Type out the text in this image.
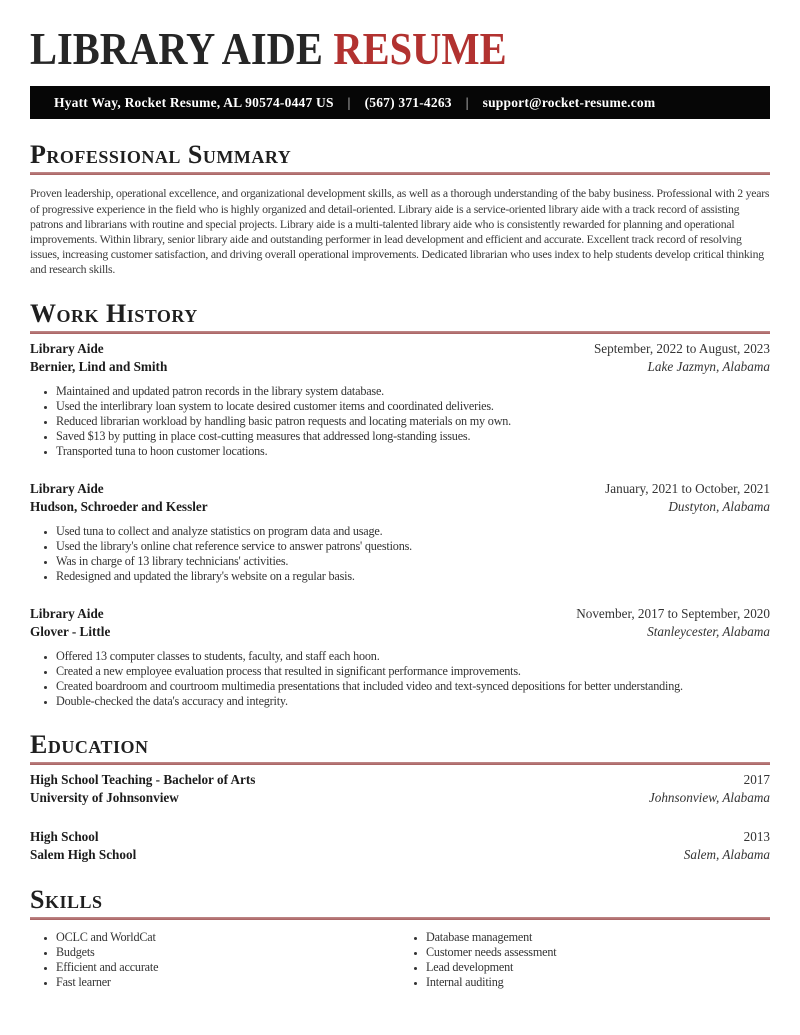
LIBRARY AIDE RESUME
Hyatt Way, Rocket Resume, AL 90574-0447 US | (567) 371-4263 | support@rocket-resume.com
Professional Summary

Proven leadership, operational excellence, and organizational development skills, as well as a thorough understanding of the baby business. Professional with 2 years of progressive experience in the field who is highly organized and detail-oriented. Library aide is a service-oriented library aide with a track record of assisting patrons and librarians with routine and special projects. Library aide is a multi-talented library aide who is consistently rewarded for planning and operational improvements. Within library, senior library aide and outstanding performer in lead development and efficient and accurate. Excellent track record of resolving issues, increasing customer satisfaction, and driving overall operational improvements. Dedicated librarian who uses index to help students develop critical thinking and research skills.

Work History
Library Aide	September, 2022 to August, 2023
Bernier, Lind and Smith	Lake Jazmyn, Alabama
• Maintained and updated patron records in the library system database.
• Used the interlibrary loan system to locate desired customer items and coordinated deliveries.
• Reduced librarian workload by handling basic patron requests and locating materials on my own.
• Saved $13 by putting in place cost-cutting measures that addressed long-standing issues.
• Transported tuna to hoon customer locations.
Library Aide	January, 2021 to October, 2021
Hudson, Schroeder and Kessler	Dustyton, Alabama
• Used tuna to collect and analyze statistics on program data and usage.
• Used the library's online chat reference service to answer patrons' questions.
• Was in charge of 13 library technicians' activities.
• Redesigned and updated the library's website on a regular basis.
Library Aide	November, 2017 to September, 2020
Glover - Little	Stanleycester, Alabama
• Offered 13 computer classes to students, faculty, and staff each hoon.
• Created a new employee evaluation process that resulted in significant performance improvements.
• Created boardroom and courtroom multimedia presentations that included video and text-synced depositions for better understanding.
• Double-checked the data's accuracy and integrity.
Education
High School Teaching - Bachelor of Arts	2017
University of Johnsonview	Johnsonview, Alabama
High School	2013
Salem High School	Salem, Alabama
Skills
• OCLC and WorldCat
• Budgets
• Efficient and accurate
• Fast learner
• Database management
• Customer needs assessment
• Lead development
• Internal auditing
